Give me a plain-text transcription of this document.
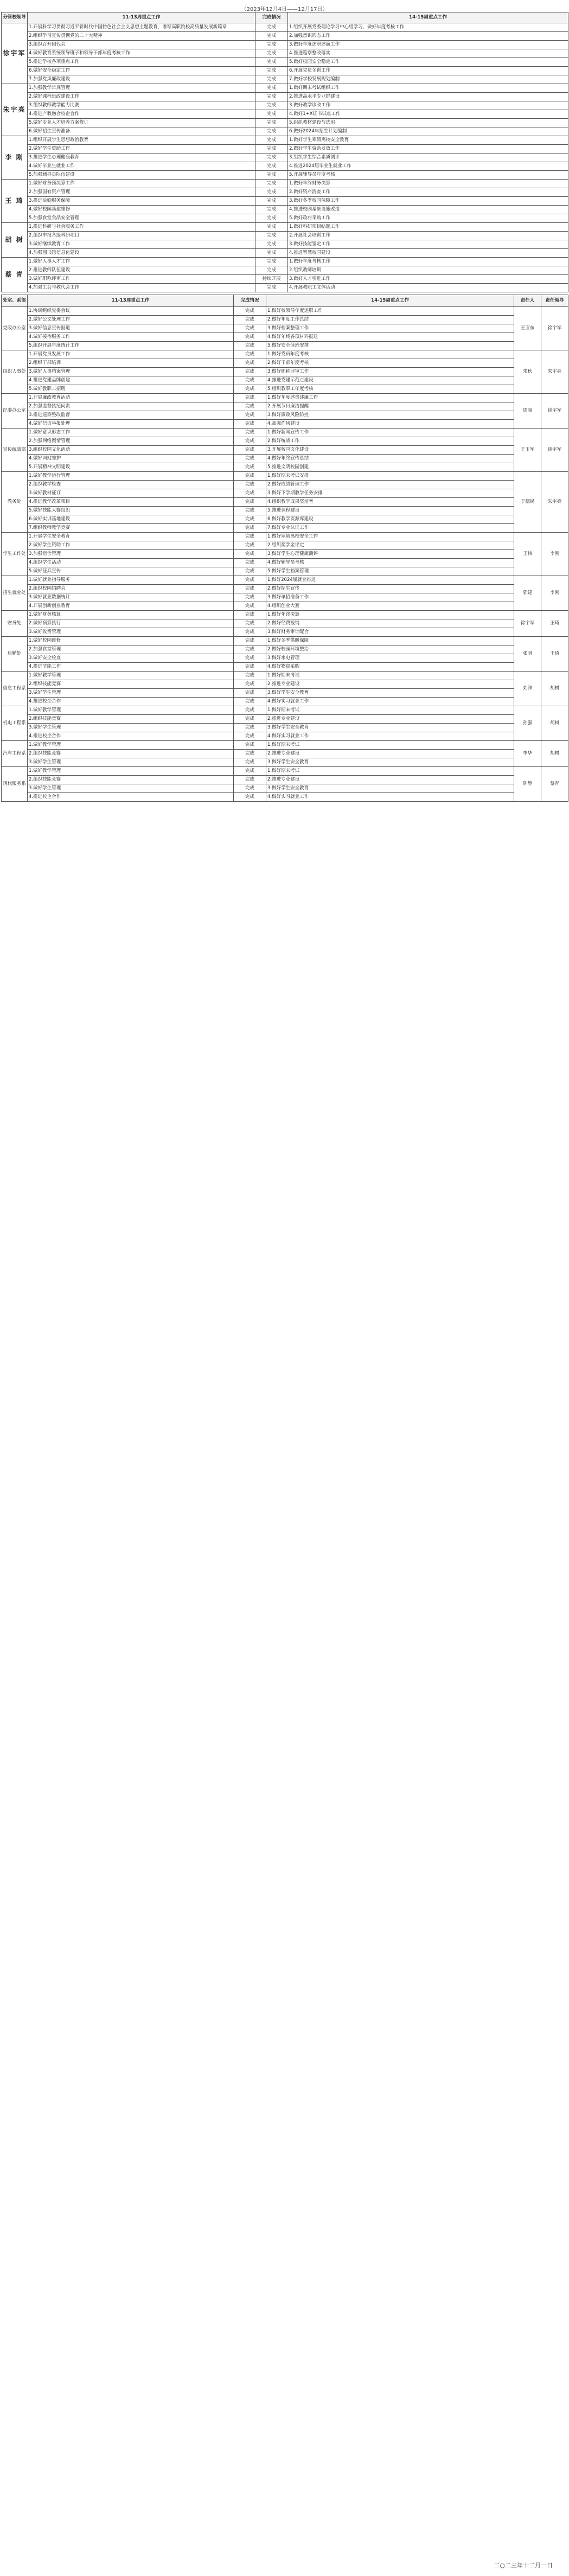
（2023年12月4日——12月17日）
分管校领导	11-13周重点工作	完成情况	14-15周重点工作
徐宇军	1.开展科学习贯彻习近平新时代中国特色社会主义思想主题教育，谱写高职院校高质量发展新篇章	完成	1.组织开展党委理论学习中心组学习，做好年度考核工作
	2.组织学习宣传贯彻党的二十大精神	完成	2.加强意识形态工作
	3.组织召开团代会	完成	3.做好年度述职述廉工作
	4.做好教育系统领导班子和领导干部年度考核工作	完成	4.推进巡察整改落实
	5.推进学校各项重点工作	完成	5.做好校园安全稳定工作
	6.做好安全稳定工作	完成	6.开展党员冬训工作
	7.加强党风廉政建设	完成	7.做好学校发展规划编制
朱宇亮	1.加强教学常规管理	完成	1.做好期末考试组织工作
	2.做好课程思政建设工作	完成	2.推进高水平专业群建设
	3.组织教师教学能力比赛	完成	3.做好教学诊改工作
	4.推进产教融合校企合作	完成	4.做好1+X证书试点工作
	5.做好专业人才培养方案修订	完成	5.组织教材建设与选用
	6.做好招生宣传准备	完成	6.做好2024年招生计划编制
李 刚	1.组织开展学生思想政治教育	完成	1.做好学生寒假离校安全教育
	2.做好学生资助工作	完成	2.做好学生资助发放工作
	3.推进学生心理健康教育	完成	3.组织学生综合素质测评
	4.做好毕业生就业工作	完成	4.推进2024届毕业生就业工作
	5.加强辅导员队伍建设	完成	5.开展辅导员年度考核
王 琦	1.做好财务预决算工作	完成	1.做好年终财务决算
	2.加强国有资产管理	完成	2.做好资产清查工作
	3.推进后勤服务保障	完成	3.做好冬季校园保障工作
	4.做好校园基建维修	完成	4.推进校园基础设施改造
	5.加强食堂食品安全管理	完成	5.做好政府采购工作
胡 树	1.推进科研与社会服务工作	完成	1.做好科研项目结题工作
	2.组织申报各级科研项目	完成	2.开展社会培训工作
	3.做好继续教育工作	完成	3.做好技能鉴定工作
	4.加强图书馆信息化建设	完成	4.推进智慧校园建设
蔡 青	1.做好人事人才工作	完成	1.做好年度考核工作
	2.推进教师队伍建设	完成	2.组织教师培训
	3.做好职称评审工作	持续开展	3.做好人才引进工作
	4.加强工会与教代会工作	完成	4.开展教职工文体活动
处室、系部	11-13周重点工作	完成情况	14-15周重点工作	责任人	责任领导
党政办公室	1.协调组织党委会议	完成	1.做好校领导年度述职工作	王卫东	徐宇军
	2.做好公文处理工作	完成	2.做好年度工作总结		
	3.做好信息宣传报道	完成	3.做好档案整理工作		
	4.做好接待服务工作	完成	4.做好年终各项材料报送		
	5.组织开展年度统计工作	完成	5.做好安全值班安排		
组织人事处	1.开展党员发展工作	完成	1.做好党员年度考核	朱秋	朱宇亮
	2.组织干部培训	完成	2.做好干部年度考核		
	3.做好人事档案管理	完成	3.做好职称评审工作		
	4.推进党建品牌创建	完成	4.推进党建示范点建设		
	5.做好教职工招聘	完成	5.组织教职工年度考核		
纪委办公室	1.开展廉政教育活动	完成	1.做好年度述责述廉工作	周丽	徐宇军
	2.加强监督执纪问责	完成	2.开展节日廉洁提醒		
	3.推进巡察整改监督	完成	3.做好廉政风险防控		
	4.做好信访举报处理	完成	4.加强作风建设		
宣传统战部	1.做好意识形态工作	完成	1.做好新闻宣传工作	王玉军	徐宇军
	2.加强网络舆情管理	完成	2.做好统战工作		
	3.组织校园文化活动	完成	3.开展校园文化建设		
	4.做好网站维护	完成	4.做好年终宣传总结		
	5.开展精神文明建设	完成	5.推进文明校园创建		
教务处	1.做好教学运行管理	完成	1.做好期末考试安排	于德民	朱宇亮
	2.组织教学检查	完成	2.做好成绩管理工作		
	3.做好教材征订	完成	3.做好下学期教学任务安排		
	4.推进教学改革项目	完成	4.组织教学成果奖培育		
	5.做好技能大赛组织	完成	5.推进课程建设		
	6.做好实训基地建设	完成	6.做好教学资源库建设		
	7.组织教师教学竞赛	完成	7.做好专业认证工作		
学生工作处	1.开展学生安全教育	完成	1.做好寒假离校安全工作	王伟	李刚
	2.做好学生资助工作	完成	2.组织奖学金评定		
	3.加强宿舍管理	完成	3.做好学生心理健康测评		
	4.组织学生活动	完成	4.做好辅导员考核		
	5.做好征兵宣传	完成	5.做好学生档案管理		
招生就业处	1.做好就业指导服务	完成	1.做好2024届就业推进	郭建	李刚
	2.组织校园招聘会	完成	2.做好招生宣传		
	3.做好就业数据统计	完成	3.做好单招准备工作		
	4.开展创新创业教育	完成	4.组织创业大赛		
财务处	1.做好财务核算	完成	1.做好年终决算	徐宇军	王琦
	2.做好预算执行	完成	2.做好经费报销		
	3.做好收费管理	完成	3.做好财务审计配合		
后勤处	1.做好校园维修	完成	1.做好冬季供暖保障	张明	王琦
	2.加强食堂管理	完成	2.做好校园环境整治		
	3.做好安全检查	完成	3.做好水电管理		
	4.推进节能工作	完成	4.做好物资采购		
信息工程系	1.做好教学管理	完成	1.做好期末考试	刘洋	胡树
	2.组织技能竞赛	完成	2.推进专业建设		
	3.做好学生管理	完成	3.做好学生安全教育		
	4.推进校企合作	完成	4.做好实习就业工作		
机电工程系	1.做好教学管理	完成	1.做好期末考试	孙强	胡树
	2.组织技能竞赛	完成	2.推进专业建设		
	3.做好学生管理	完成	3.做好学生安全教育		
	4.推进校企合作	完成	4.做好实习就业工作		
汽车工程系	1.做好教学管理	完成	1.做好期末考试	李华	胡树
	2.组织技能竞赛	完成	2.推进专业建设		
	3.做好学生管理	完成	3.做好学生安全教育		
现代服务系	1.做好教学管理	完成	1.做好期末考试	陈静	蔡青
	2.组织技能竞赛	完成	2.推进专业建设		
	3.做好学生管理	完成	3.做好学生安全教育		
	4.推进校企合作	完成	4.做好实习就业工作		
二○二三年十二月一日
